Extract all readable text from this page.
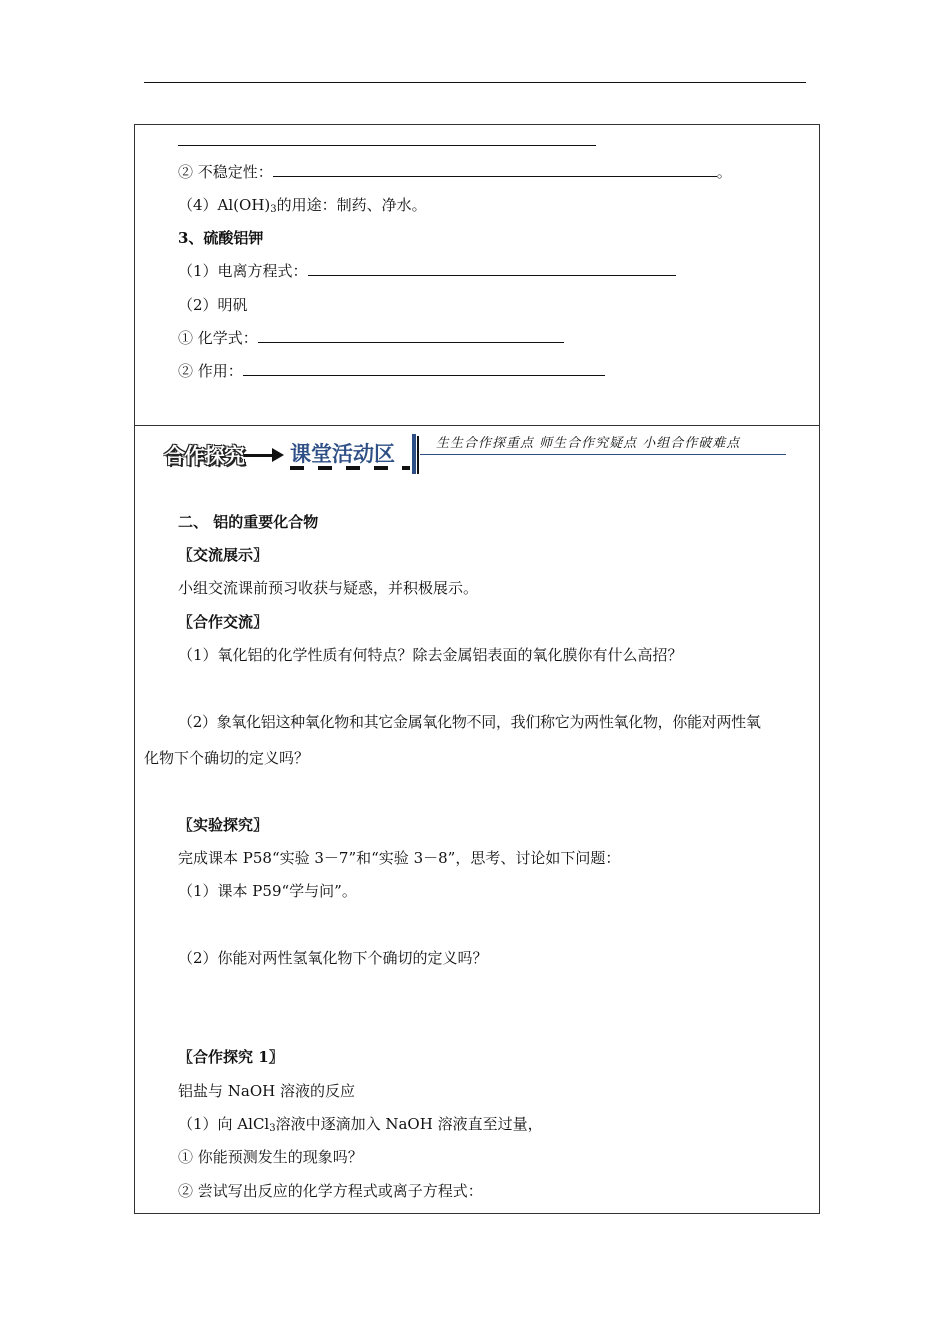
② 不稳定性：	。
$(4)Al(OH)_3$的用途：制药、净水。
3、硫酸铝钾
（1）电离方程式：
（2）明矾
① 化学式：
② 作用：
合作探究 课堂活动区	生生合作探重点 师生合作究疑点 小组合作破难点
二、 铝的重要化合物
〖交流展示〗
小组交流课前预习收获与疑惑，并积极展示。
〖合作交流〗
（1）氧化铝的化学性质有何特点？除去金属铝表面的氧化膜你有什么高招？
（2）象氧化铝这种氧化物和其它金属氧化物不同，我们称它为两性氧化物，你能对两性氧
化物下个确切的定义吗？
〖实验探究〗
完成课本 P58“实验 3－7”和“实验 3－8”，思考、讨论如下问题：
（1）课本 P59“学与问”。
（2）你能对两性氢氧化物下个确切的定义吗？
〖合作探究 1〗
铝盐与 NaOH 溶液的反应
（1）向 AlCl$_3$溶液中逐滴加入 NaOH 溶液直至过量，
① 你能预测发生的现象吗？
② 尝试写出反应的化学方程式或离子方程式：
